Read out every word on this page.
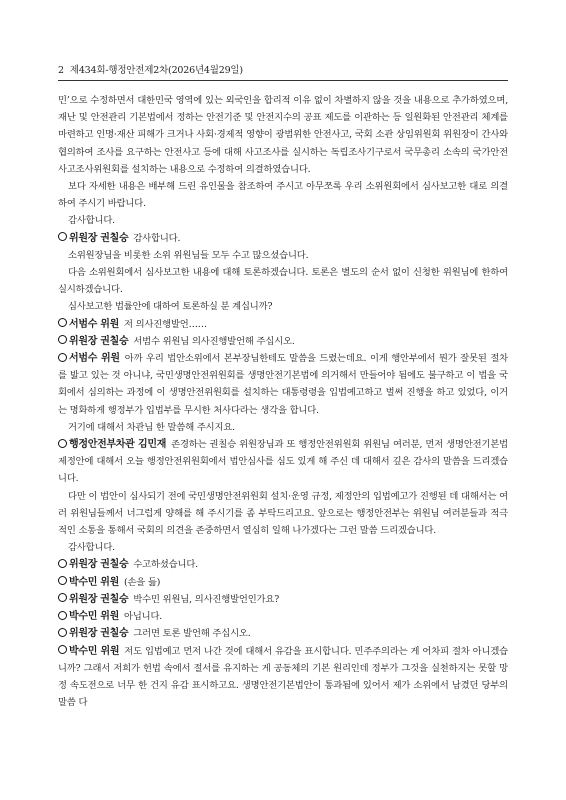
2 제434회-행정안전제2차(2026년4월29일)

민’으로 수정하면서 대한민국 영역에 있는 외국인을 합리적 이유 없이 차별하지 않을 것을 내용으로 추가하였으며, 재난 및 안전관리 기본법에서 정하는 안전기준 및 안전지수의 공표 제도를 이관하는 등 일원화된 안전관리 체계를 마련하고 인명·재산 피해가 크거나 사회·경제적 영향이 광범위한 안전사고, 국회 소관 상임위원회 위원장이 간사와 협의하여 조사를 요구하는 안전사고 등에 대해 사고조사를 실시하는 독립조사기구로서 국무총리 소속의 국가안전사고조사위원회를 설치하는 내용으로 수정하여 의결하였습니다.

보다 자세한 내용은 배부해 드린 유인물을 참조하여 주시고 아무쪼록 우리 소위원회에서 심사보고한 대로 의결하여 주시기 바랍니다.

감사합니다.

위원장 권칠승 감사합니다.

소위원장님을 비롯한 소위 위원님들 모두 수고 많으셨습니다.

다음 소위원회에서 심사보고한 내용에 대해 토론하겠습니다. 토론은 별도의 순서 없이 신청한 위원님에 한하여 실시하겠습니다.

심사보고한 법률안에 대하여 토론하실 분 계십니까?

서범수 위원 저 의사진행발언……

위원장 권칠승 서범수 위원님 의사진행발언해 주십시오.

서범수 위원 아까 우리 법안소위에서 본부장님한테도 말씀을 드렸는데요. 이게 행안부에서 뭔가 잘못된 절차를 밟고 있는 것 아니냐, 국민생명안전위원회를 생명안전기본법에 의거해서 만들어야 됨에도 불구하고 이 법을 국회에서 심의하는 과정에 이 생명안전위원회를 설치하는 대통령령을 입법예고하고 벌써 진행을 하고 있었다, 이거는 명화하게 행정부가 입법부를 무시한 처사다라는 생각을 합니다.

거기에 대해서 차관님 한 말씀해 주시지요.

행정안전부차관 김민재 존경하는 권칠승 위원장님과 또 행정안전위원회 위원님 여러분, 먼저 생명안전기본법 제정안에 대해서 오늘 행정안전위원회에서 법안심사를 심도 있게 해 주신 데 대해서 깊은 감사의 말씀을 드리겠습니다.

다만 이 법안이 심사되기 전에 국민생명안전위원회 설치·운영 규정, 제정안의 입법예고가 진행된 데 대해서는 여러 위원님들께서 너그럽게 양해를 해 주시기를 좀 부탁드리고요. 앞으로는 행정안전부는 위원님 여러분들과 적극적인 소통을 통해서 국회의 의견을 존중하면서 열심히 일해 나가겠다는 그런 말씀 드리겠습니다.

감사합니다.

위원장 권칠승 수고하셨습니다.

박수민 위원 (손을 듦)

위원장 권칠승 박수민 위원님, 의사진행발언인가요?

박수민 위원 아닙니다.

위원장 권칠승 그러면 토론 발언해 주십시오.

박수민 위원 저도 입법예고 먼저 나간 것에 대해서 유감을 표시합니다. 민주주의라는 게 어차피 절차 아니겠습니까? 그래서 저희가 헌법 속에서 절서를 유지하는 게 공동체의 기본 원리인데 정부가 그것을 실천하지는 못할 망정 속도전으로 너무 한 건지 유감 표시하고요. 생명안전기본법안이 통과됨에 있어서 제가 소위에서 남겼던 당부의 말씀 다
